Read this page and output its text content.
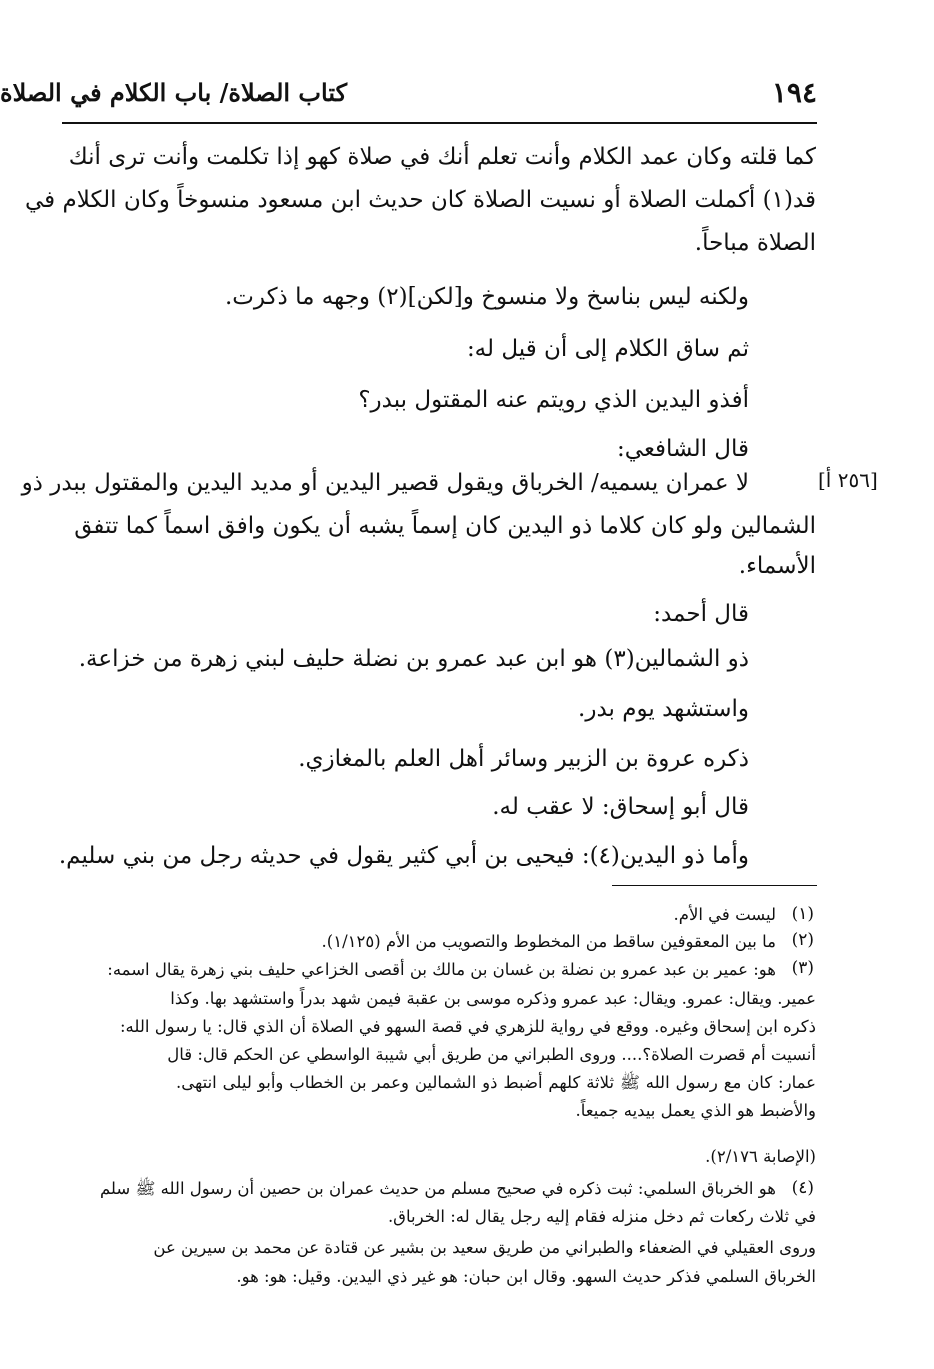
١٩٤
كتاب الصلاة/ باب الكلام في الصلاة
[٢٥٦ أ]
كما قلته وكان عمد الكلام وأنت تعلم أنك في صلاة كهو إذا تكلمت وأنت ترى أنك
قد(١) أكملت الصلاة أو نسيت الصلاة كان حديث ابن مسعود منسوخاً وكان الكلام في
الصلاة مباحاً.
ولكنه ليس بناسخ ولا منسوخ و[لكن](٢) وجهه ما ذكرت.
ثم ساق الكلام إلى أن قيل له:
أفذو اليدين الذي رويتم عنه المقتول ببدر؟
قال الشافعي:
لا عمران يسميه/ الخرباق ويقول قصير اليدين أو مديد اليدين والمقتول ببدر ذو
الشمالين ولو كان كلاما ذو اليدين كان إسماً يشبه أن يكون وافق اسماً كما تتفق
الأسماء.
قال أحمد:
ذو الشمالين(٣) هو ابن عبد عمرو بن نضلة حليف لبني زهرة من خزاعة.
واستشهد يوم بدر.
ذكره عروة بن الزبير وسائر أهل العلم بالمغازي.
قال أبو إسحاق: لا عقب له.
وأما ذو اليدين(٤): فيحيى بن أبي كثير يقول في حديثه رجل من بني سليم.
(١)
(٢)
(٣)
(٤)
ليست في الأم.
ما بين المعقوفين ساقط من المخطوط والتصويب من الأم (١/١٢٥).
هو: عمير بن عبد عمرو بن نضلة بن غسان بن مالك بن أقصى الخزاعي حليف بني زهرة يقال اسمه:
عمير. ويقال: عمرو. ويقال: عبد عمرو وذكره موسى بن عقبة فيمن شهد بدراً واستشهد بها. وكذا
ذكره ابن إسحاق وغيره. ووقع في رواية للزهري في قصة السهو في الصلاة أن الذي قال: يا رسول الله:
أنسيت أم قصرت الصلاة؟.... وروى الطبراني من طريق أبي شيبة الواسطي عن الحكم قال: قال
عمار: كان مع رسول الله ﷺ ثلاثة كلهم أضبط ذو الشمالين وعمر بن الخطاب وأبو ليلى انتهى.
والأضبط هو الذي يعمل بيديه جميعاً.
(الإصابة ٢/١٧٦).
هو الخرباق السلمي: ثبت ذكره في صحيح مسلم من حديث عمران بن حصين أن رسول الله ﷺ سلم
في ثلاث ركعات ثم دخل منزله فقام إليه رجل يقال له: الخرباق.
وروى العقيلي في الضعفاء والطبراني من طريق سعيد بن بشير عن قتادة عن محمد بن سيرين عن
الخرباق السلمي فذكر حديث السهو. وقال ابن حبان: هو غير ذي اليدين. وقيل: هو: هو.
